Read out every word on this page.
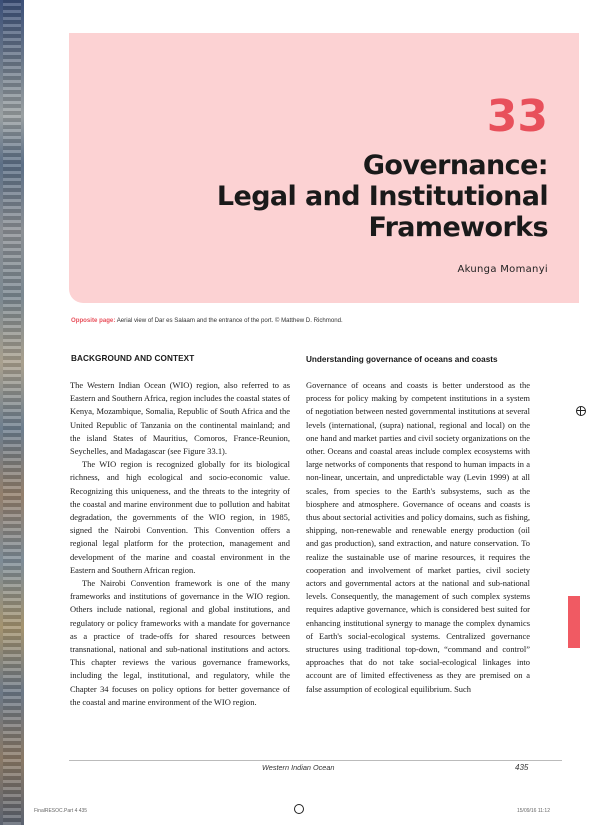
33
Governance:
Legal and Institutional
Frameworks
Akunga Momanyi
Opposite page: Aerial view of Dar es Salaam and the entrance of the port. © Matthew D. Richmond.
BACKGROUND AND CONTEXT

The Western Indian Ocean (WIO) region, also referred to as Eastern and Southern Africa, region includes the coastal states of Kenya, Mozambique, Somalia, Republic of South Africa and the United Republic of Tanzania on the continental mainland; and the island States of Mauritius, Comoros, France-Reunion, Seychelles, and Madagascar (see Figure 33.1).

The WIO region is recognized globally for its biological richness, and high ecological and socio-economic value. Recognizing this uniqueness, and the threats to the integrity of the coastal and marine environment due to pollution and habitat degradation, the governments of the WIO region, in 1985, signed the Nairobi Convention. This Convention offers a regional legal platform for the protection, management and development of the marine and coastal environment in the Eastern and Southern African region.

The Nairobi Convention framework is one of the many frameworks and institutions of governance in the WIO region. Others include national, regional and global institutions, and regulatory or policy frameworks with a mandate for governance as a practice of trade-offs for shared resources between transnational, national and sub-national institutions and actors. This chapter reviews the various governance frameworks, including the legal, institutional, and regulatory, while the Chapter 34 focuses on policy options for better governance of the coastal and marine environment of the WIO region.

Understanding governance of oceans and coasts

Governance of oceans and coasts is better understood as the process for policy making by competent institutions in a system of negotiation between nested governmental institutions at several levels (international, (supra) national, regional and local) on the one hand and market parties and civil society organizations on the other. Oceans and coastal areas include complex ecosystems with large networks of components that respond to human impacts in a non-linear, uncertain, and unpredictable way (Levin 1999) at all scales, from species to the Earth's subsystems, such as the biosphere and atmosphere. Governance of oceans and coasts is thus about sectorial activities and policy domains, such as fishing, shipping, non-renewable and renewable energy production (oil and gas production), sand extraction, and nature conservation. To realize the sustainable use of marine resources, it requires the cooperation and involvement of market parties, civil society actors and governmental actors at the national and sub-national levels. Consequently, the management of such complex systems requires adaptive governance, which is considered best suited for enhancing institutional synergy to manage the complex dynamics of Earth's social-ecological systems. Centralized governance structures using traditional top-down, “command and control” approaches that do not take social-ecological linkages into account are of limited effectiveness as they are premised on a false assumption of ecological equilibrium. Such

Western Indian Ocean	435
FinalRESOC.Part 4 435	15/09/16 11:12
